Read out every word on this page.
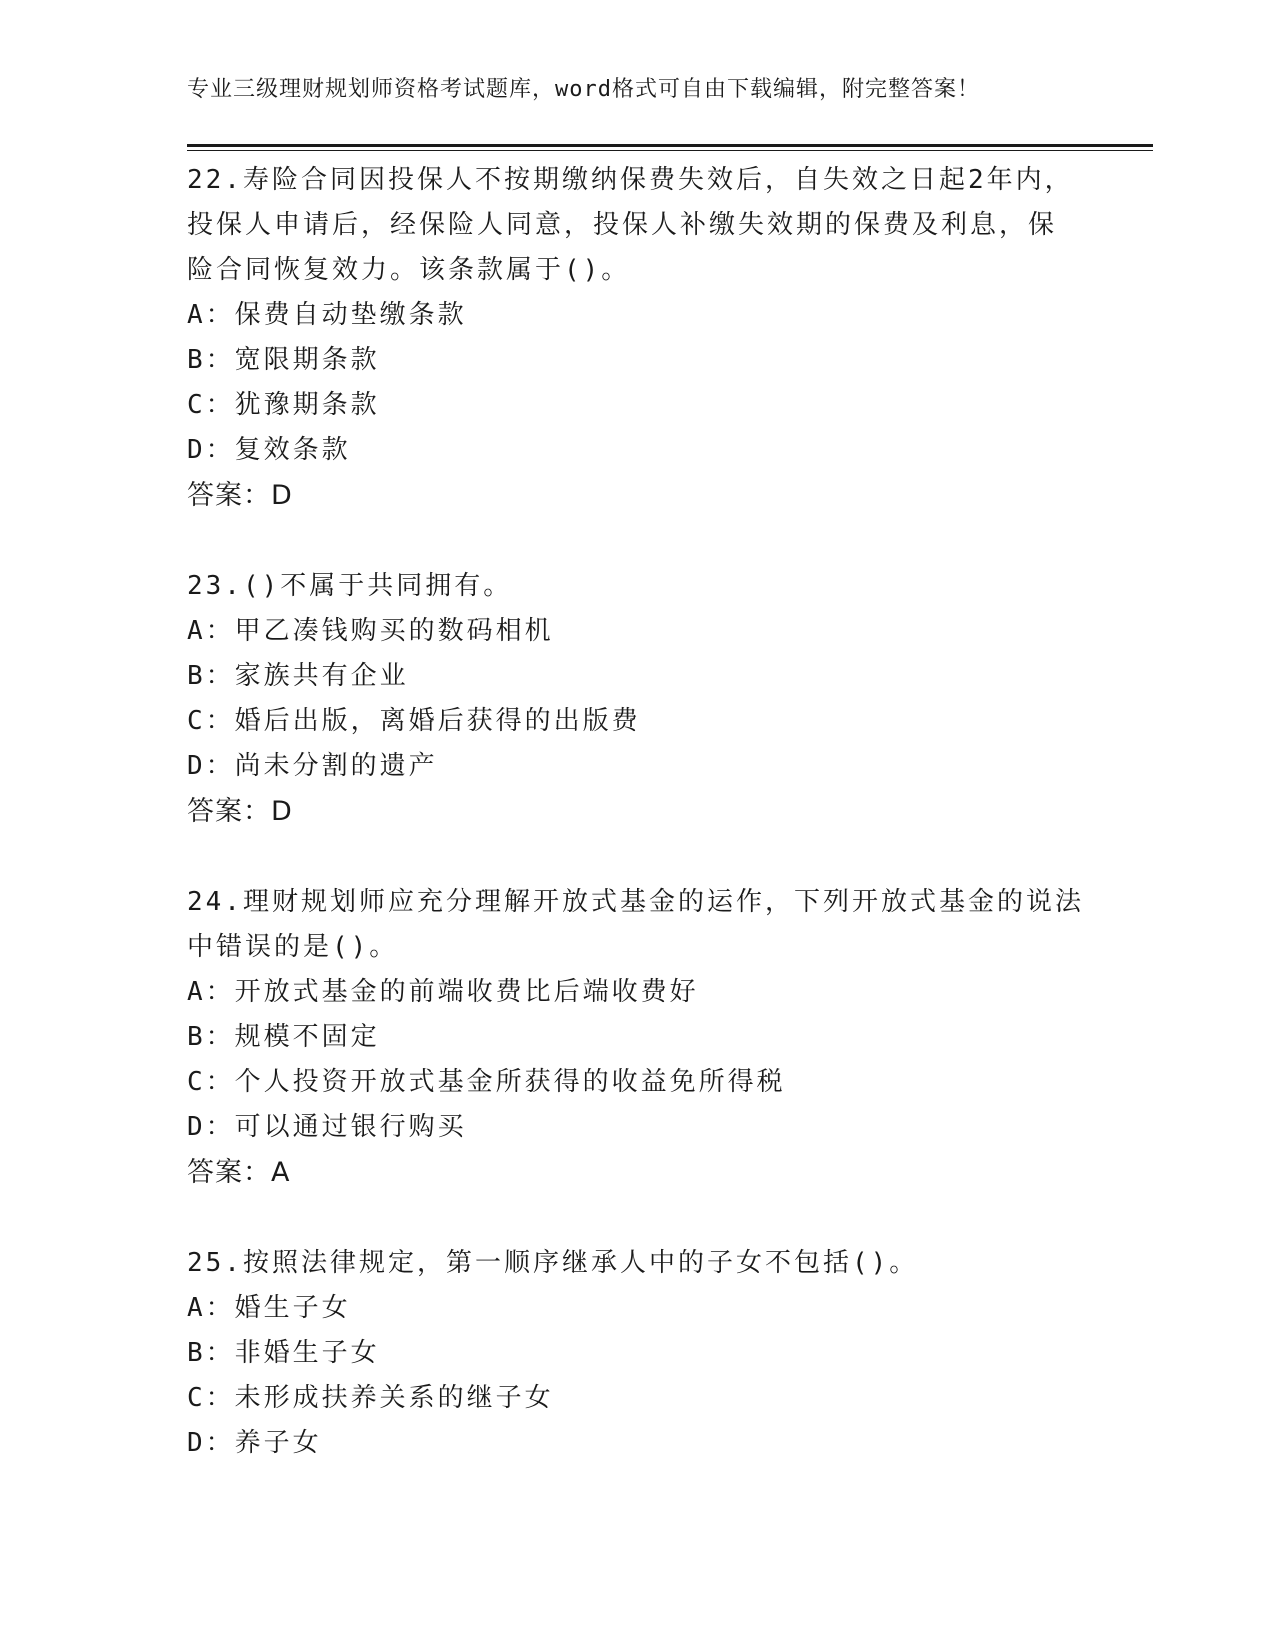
专业三级理财规划师资格考试题库，word格式可自由下载编辑，附完整答案！
22.寿险合同因投保人不按期缴纳保费失效后，自失效之日起2年内，
投保人申请后，经保险人同意，投保人补缴失效期的保费及利息，保
险合同恢复效力。该条款属于()。
A：保费自动垫缴条款
B：宽限期条款
C：犹豫期条款
D：复效条款
答案：D
23.()不属于共同拥有。
A：甲乙凑钱购买的数码相机
B：家族共有企业
C：婚后出版，离婚后获得的出版费
D：尚未分割的遗产
答案：D
24.理财规划师应充分理解开放式基金的运作，下列开放式基金的说法
中错误的是()。
A：开放式基金的前端收费比后端收费好
B：规模不固定
C：个人投资开放式基金所获得的收益免所得税
D：可以通过银行购买
答案：A
25.按照法律规定，第一顺序继承人中的子女不包括()。
A：婚生子女
B：非婚生子女
C：未形成扶养关系的继子女
D：养子女
